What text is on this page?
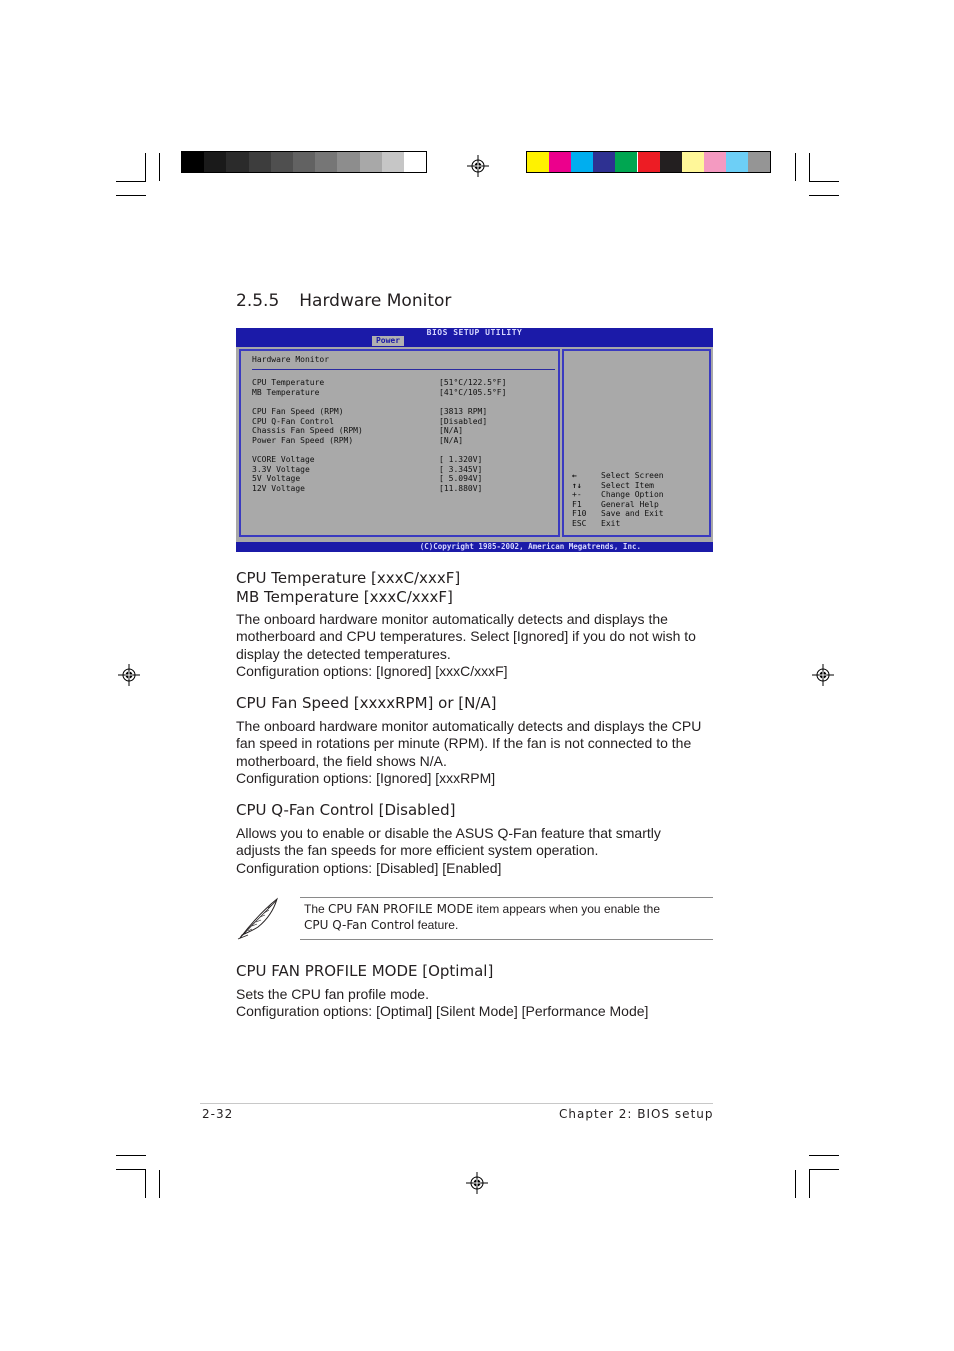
2.5.5 Hardware Monitor
BIOS SETUP UTILITY
Power
Hardware Monitor
CPU Temperature	[51°C/122.5°F]
MB Temperature	[41°C/105.5°F]
CPU Fan Speed (RPM)	[3813 RPM]
CPU Q-Fan Control	[Disabled]
Chassis Fan Speed (RPM)	[N/A]
Power Fan Speed (RPM)	[N/A]
VCORE Voltage	[ 1.320V]
3.3V Voltage	[ 3.345V]
5V Voltage	[ 5.094V]
12V Voltage	[11.880V]
←	Select Screen
↑↓ Select Item
+- Change Option
F1 General Help
F10 Save and Exit
ESC Exit
(C)Copyright 1985-2002, American Megatrends, Inc.
CPU Temperature [xxxC/xxxF]
MB Temperature [xxxC/xxxF]

The onboard hardware monitor automatically detects and displays the

motherboard and CPU temperatures. Select [Ignored] if you do not wish to

display the detected temperatures.

Configuration options: [Ignored] [xxxC/xxxF]

CPU Fan Speed [xxxxRPM] or [N/A]

The onboard hardware monitor automatically detects and displays the CPU

fan speed in rotations per minute (RPM). If the fan is not connected to the

motherboard, the field shows N/A.

Configuration options: [Ignored] [xxxRPM]

CPU Q-Fan Control [Disabled]

Allows you to enable or disable the ASUS Q-Fan feature that smartly

adjusts the fan speeds for more efficient system operation.

Configuration options: [Disabled] [Enabled]

The CPU FAN PROFILE MODE item appears when you enable the
CPU Q-Fan Control feature.
CPU FAN PROFILE MODE [Optimal]

Sets the CPU fan profile mode.

Configuration options: [Optimal] [Silent Mode] [Performance Mode]

2-32	Chapter 2: BIOS setup
